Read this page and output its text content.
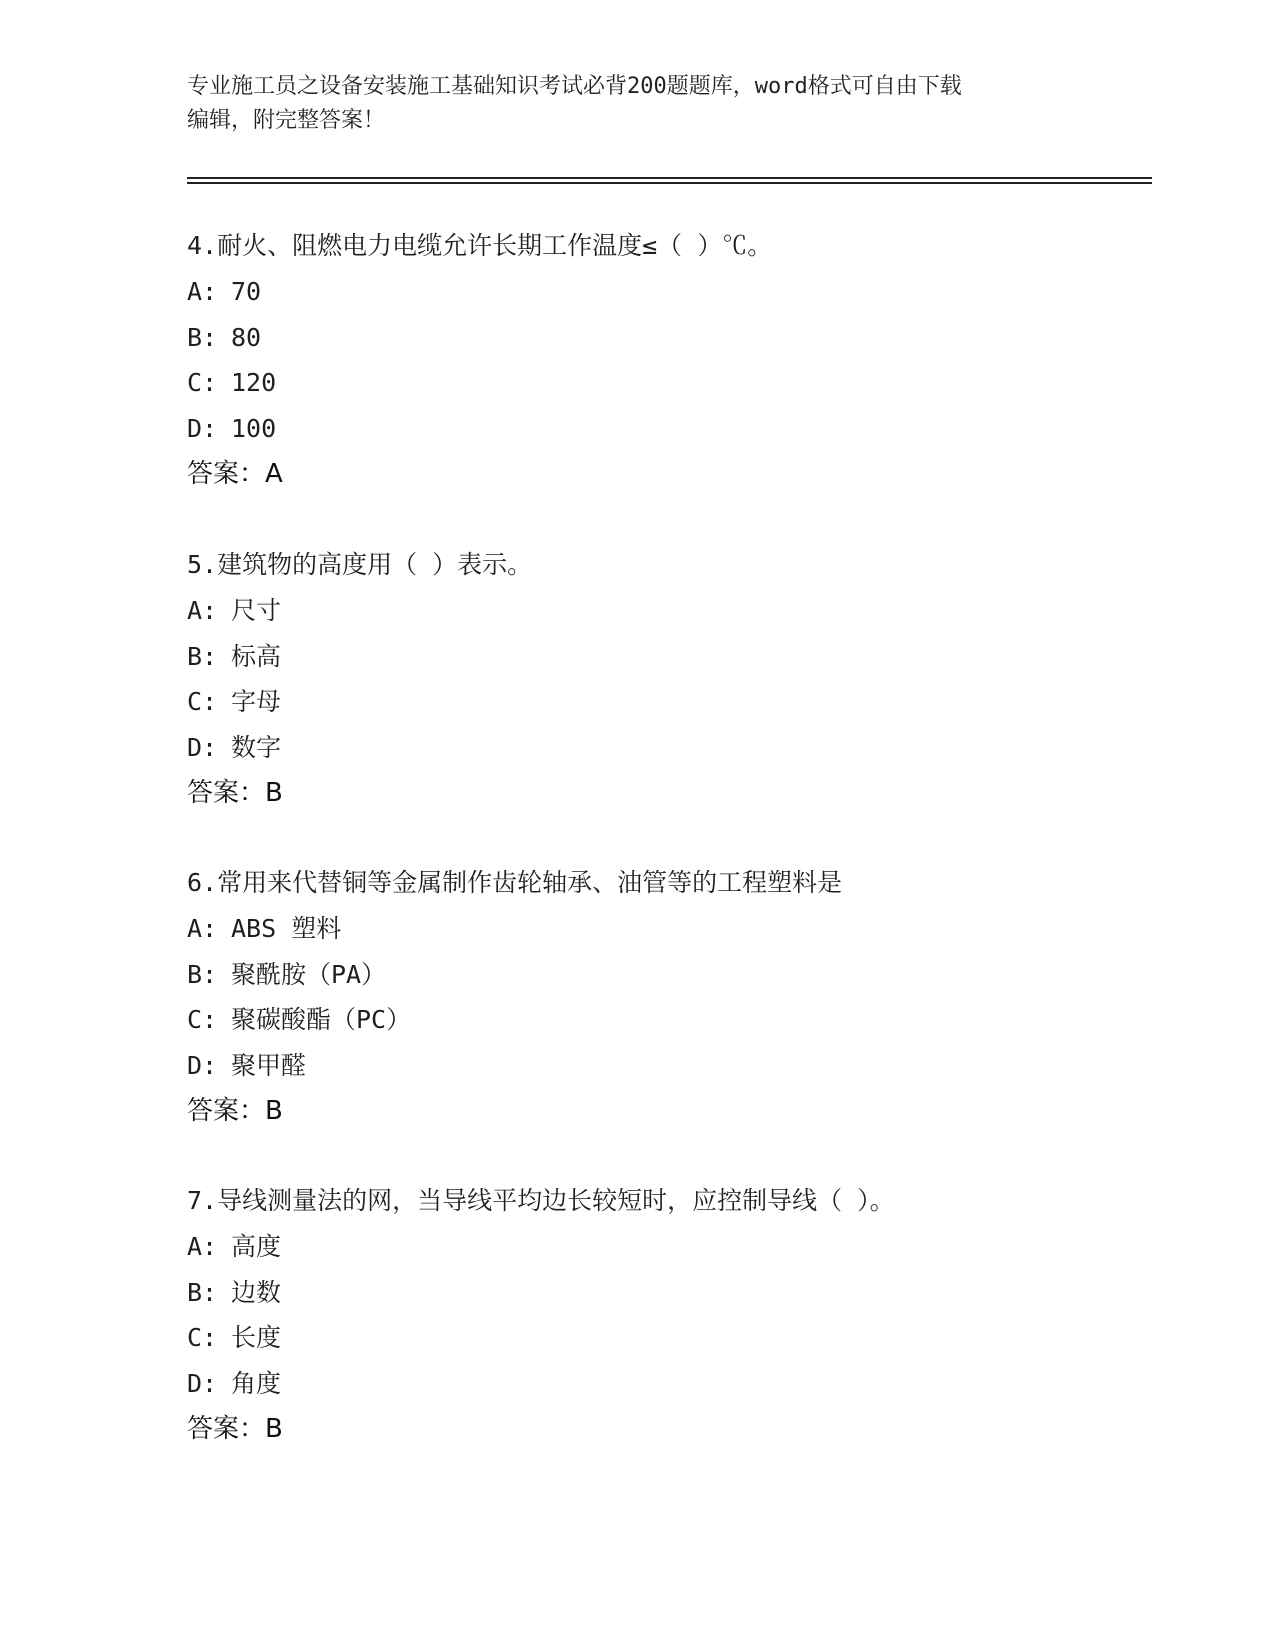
专业施工员之设备安装施工基础知识考试必背200题题库，word格式可自由下载
编辑，附完整答案！
4.耐火、阻燃电力电缆允许长期工作温度≤（ ）℃。
A: 70
B: 80
C: 120
D: 100
答案：A
5.建筑物的高度用（ ）表示。
A: 尺寸
B: 标高
C: 字母
D: 数字
答案：B
6.常用来代替铜等金属制作齿轮轴承、油管等的工程塑料是
A: ABS 塑料
B: 聚酰胺（PA）
C: 聚碳酸酯（PC）
D: 聚甲醛
答案：B
7.导线测量法的网，当导线平均边长较短时，应控制导线（ ）。
A: 高度
B: 边数
C: 长度
D: 角度
答案：B
